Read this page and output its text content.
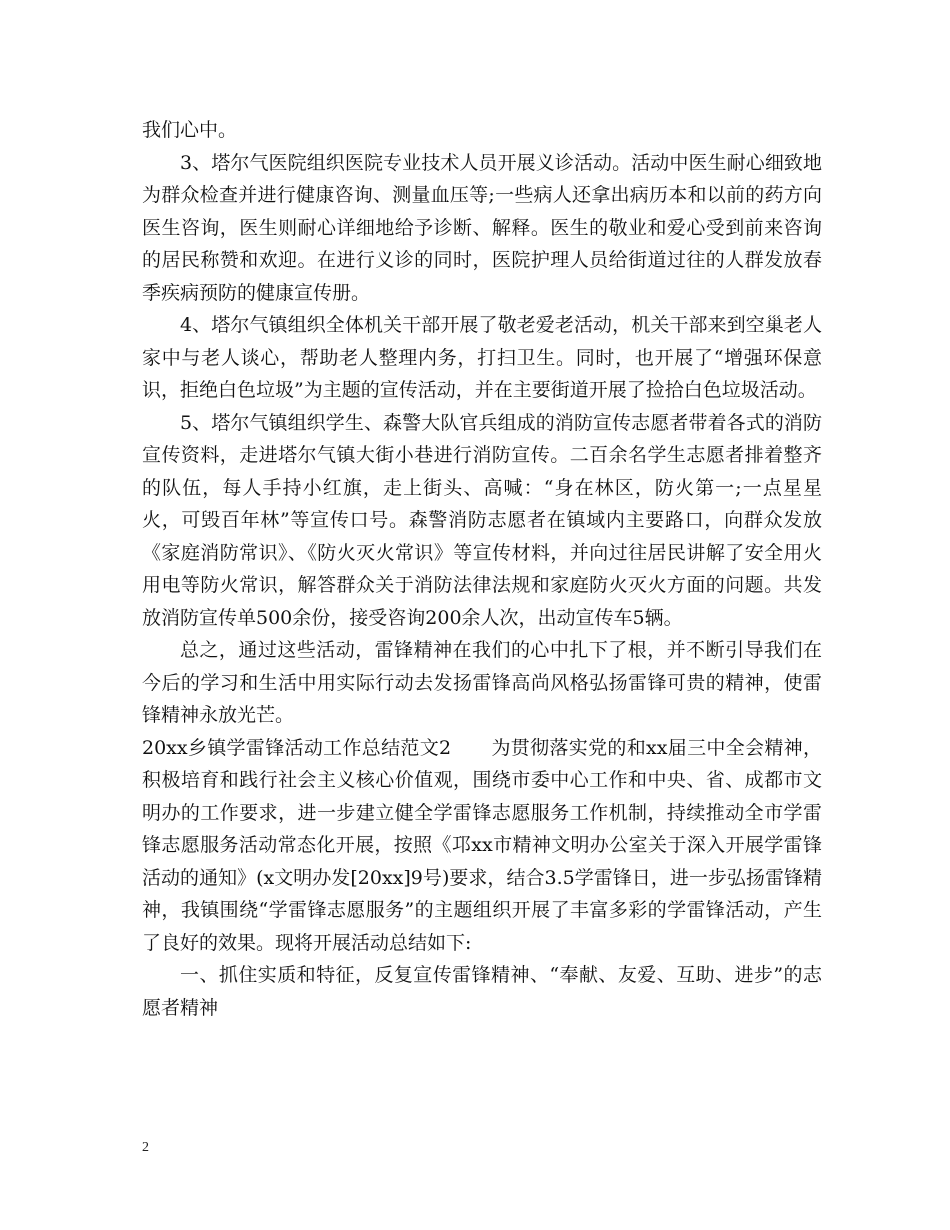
我们心中。

3、塔尔气医院组织医院专业技术人员开展义诊活动。活动中医生耐心细致地为群众检查并进行健康咨询、测量血压等;一些病人还拿出病历本和以前的药方向医生咨询，医生则耐心详细地给予诊断、解释。医生的敬业和爱心受到前来咨询的居民称赞和欢迎。在进行义诊的同时，医院护理人员给街道过往的人群发放春季疾病预防的健康宣传册。

4、塔尔气镇组织全体机关干部开展了敬老爱老活动，机关干部来到空巢老人家中与老人谈心，帮助老人整理内务，打扫卫生。同时，也开展了“增强环保意识，拒绝白色垃圾”为主题的宣传活动，并在主要街道开展了捡拾白色垃圾活动。

5、塔尔气镇组织学生、森警大队官兵组成的消防宣传志愿者带着各式的消防宣传资料，走进塔尔气镇大街小巷进行消防宣传。二百余名学生志愿者排着整齐的队伍，每人手持小红旗，走上街头、高喊：“身在林区，防火第一;一点星星火，可毁百年林”等宣传口号。森警消防志愿者在镇域内主要路口，向群众发放《家庭消防常识》、《防火灭火常识》等宣传材料，并向过往居民讲解了安全用火用电等防火常识，解答群众关于消防法律法规和家庭防火灭火方面的问题。共发放消防宣传单500余份，接受咨询200余人次，出动宣传车5辆。

总之，通过这些活动，雷锋精神在我们的心中扎下了根，并不断引导我们在今后的学习和生活中用实际行动去发扬雷锋高尚风格弘扬雷锋可贵的精神，使雷锋精神永放光芒。

20xx乡镇学雷锋活动工作总结范文2 为贯彻落实党的和xx届三中全会精神，积极培育和践行社会主义核心价值观，围绕市委中心工作和中央、省、成都市文明办的工作要求，进一步建立健全学雷锋志愿服务工作机制，持续推动全市学雷锋志愿服务活动常态化开展，按照《邛xx市精神文明办公室关于深入开展学雷锋活动的通知》(x文明办发[20xx]9号)要求，结合3.5学雷锋日，进一步弘扬雷锋精神，我镇围绕“学雷锋志愿服务”的主题组织开展了丰富多彩的学雷锋活动，产生了良好的效果。现将开展活动总结如下:

一、抓住实质和特征，反复宣传雷锋精神、“奉献、友爱、互助、进步”的志愿者精神

2
